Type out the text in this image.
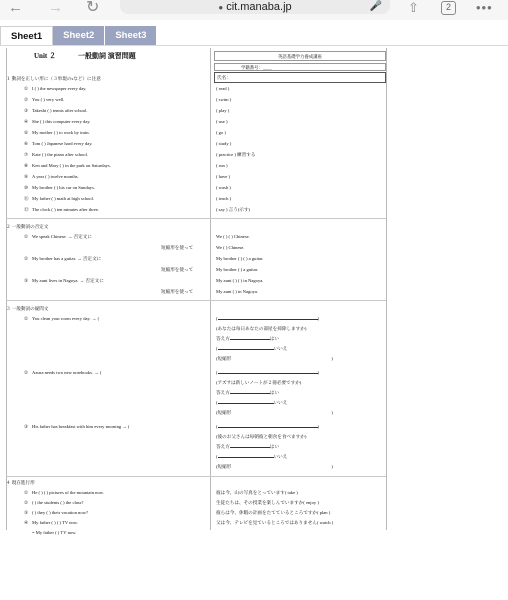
← → ↻	● cit.manaba.jp	🎤 ⇧	2	•••
Sheet1	Sheet2	Sheet3
Unit ２	一般動詞 演習問題	英語基礎学力養成講座
学籍番号：____
氏名：
１ 動詞を正しい形に（３単現のsなど）に注意
① I ( ) the newspaper every day.	( read )
② You ( ) very well.	( swim )
③ Takeshi ( ) tennis after school.	( play )
④ She ( ) this computer every day.	( use )
⑤ My mother ( ) to work by train.	( go )
⑥ Tom ( ) Japanese hard every day.	( study )
⑦ Kate ( ) the piano after school.	( practice ) 練習する
⑧ Ken and Mary ( ) in the park on Saturdays.	( run )
⑨ A year ( ) twelve months.	( have )
⑩ My brother ( ) his car on Sundays.	( wash )
⑪ My father ( ) math at high school.	( teach )
⑫ The clock ( ) ten minutes after three.	( say ) 言う(示す)
２ 一般動詞の否定文
① We speak Chinese. → 否定文に	We ( ) ( ) Chinese.
短縮形を使って	We ( ) Chinese.
② My brother has a guitar. → 否定文に	My brother ( ) ( ) a guitar.
短縮形を使って	My brother ( ) a guitar.
③ My aunt lives in Nagoya. → 否定文に	My aunt ( ) ( ) in Nagoya.
短縮形を使って	My aunt ( ) in Nagoya.
３ 一般動詞の疑問文
① You clean your room every day. → (	(	)
(あなたは毎日あなたの部屋を掃除しますか)
答え方	はい
(	いいえ
(短縮形	)
② Azusa needs two new notebooks. → (	(	)
(アズサは新しいノートが２冊必要ですか)
答え方	はい
(	いいえ
(短縮形	)
③ His father has breakfast with him every morning → (	(	)
(彼のお父さんは毎朝彼と朝食を食べますか)
答え方	はい
(	いいえ
(短縮形	)
４ 現在進行形
① He ( ) ( ) pictures of the mountain now.	彼は今、山の写真をとっています( take )
② ( ) the students ( ) the class?	生徒たちは、その授業を楽しんでいますか( enjoy )
③ ( ) they ( ) their vacation now?	彼らは今、休暇の計画をたてているところですか( plan )
④ My father ( ) ( ) TV now.	父は今、テレビを見ているところではありません( watch )
= My father ( ) TV now.
